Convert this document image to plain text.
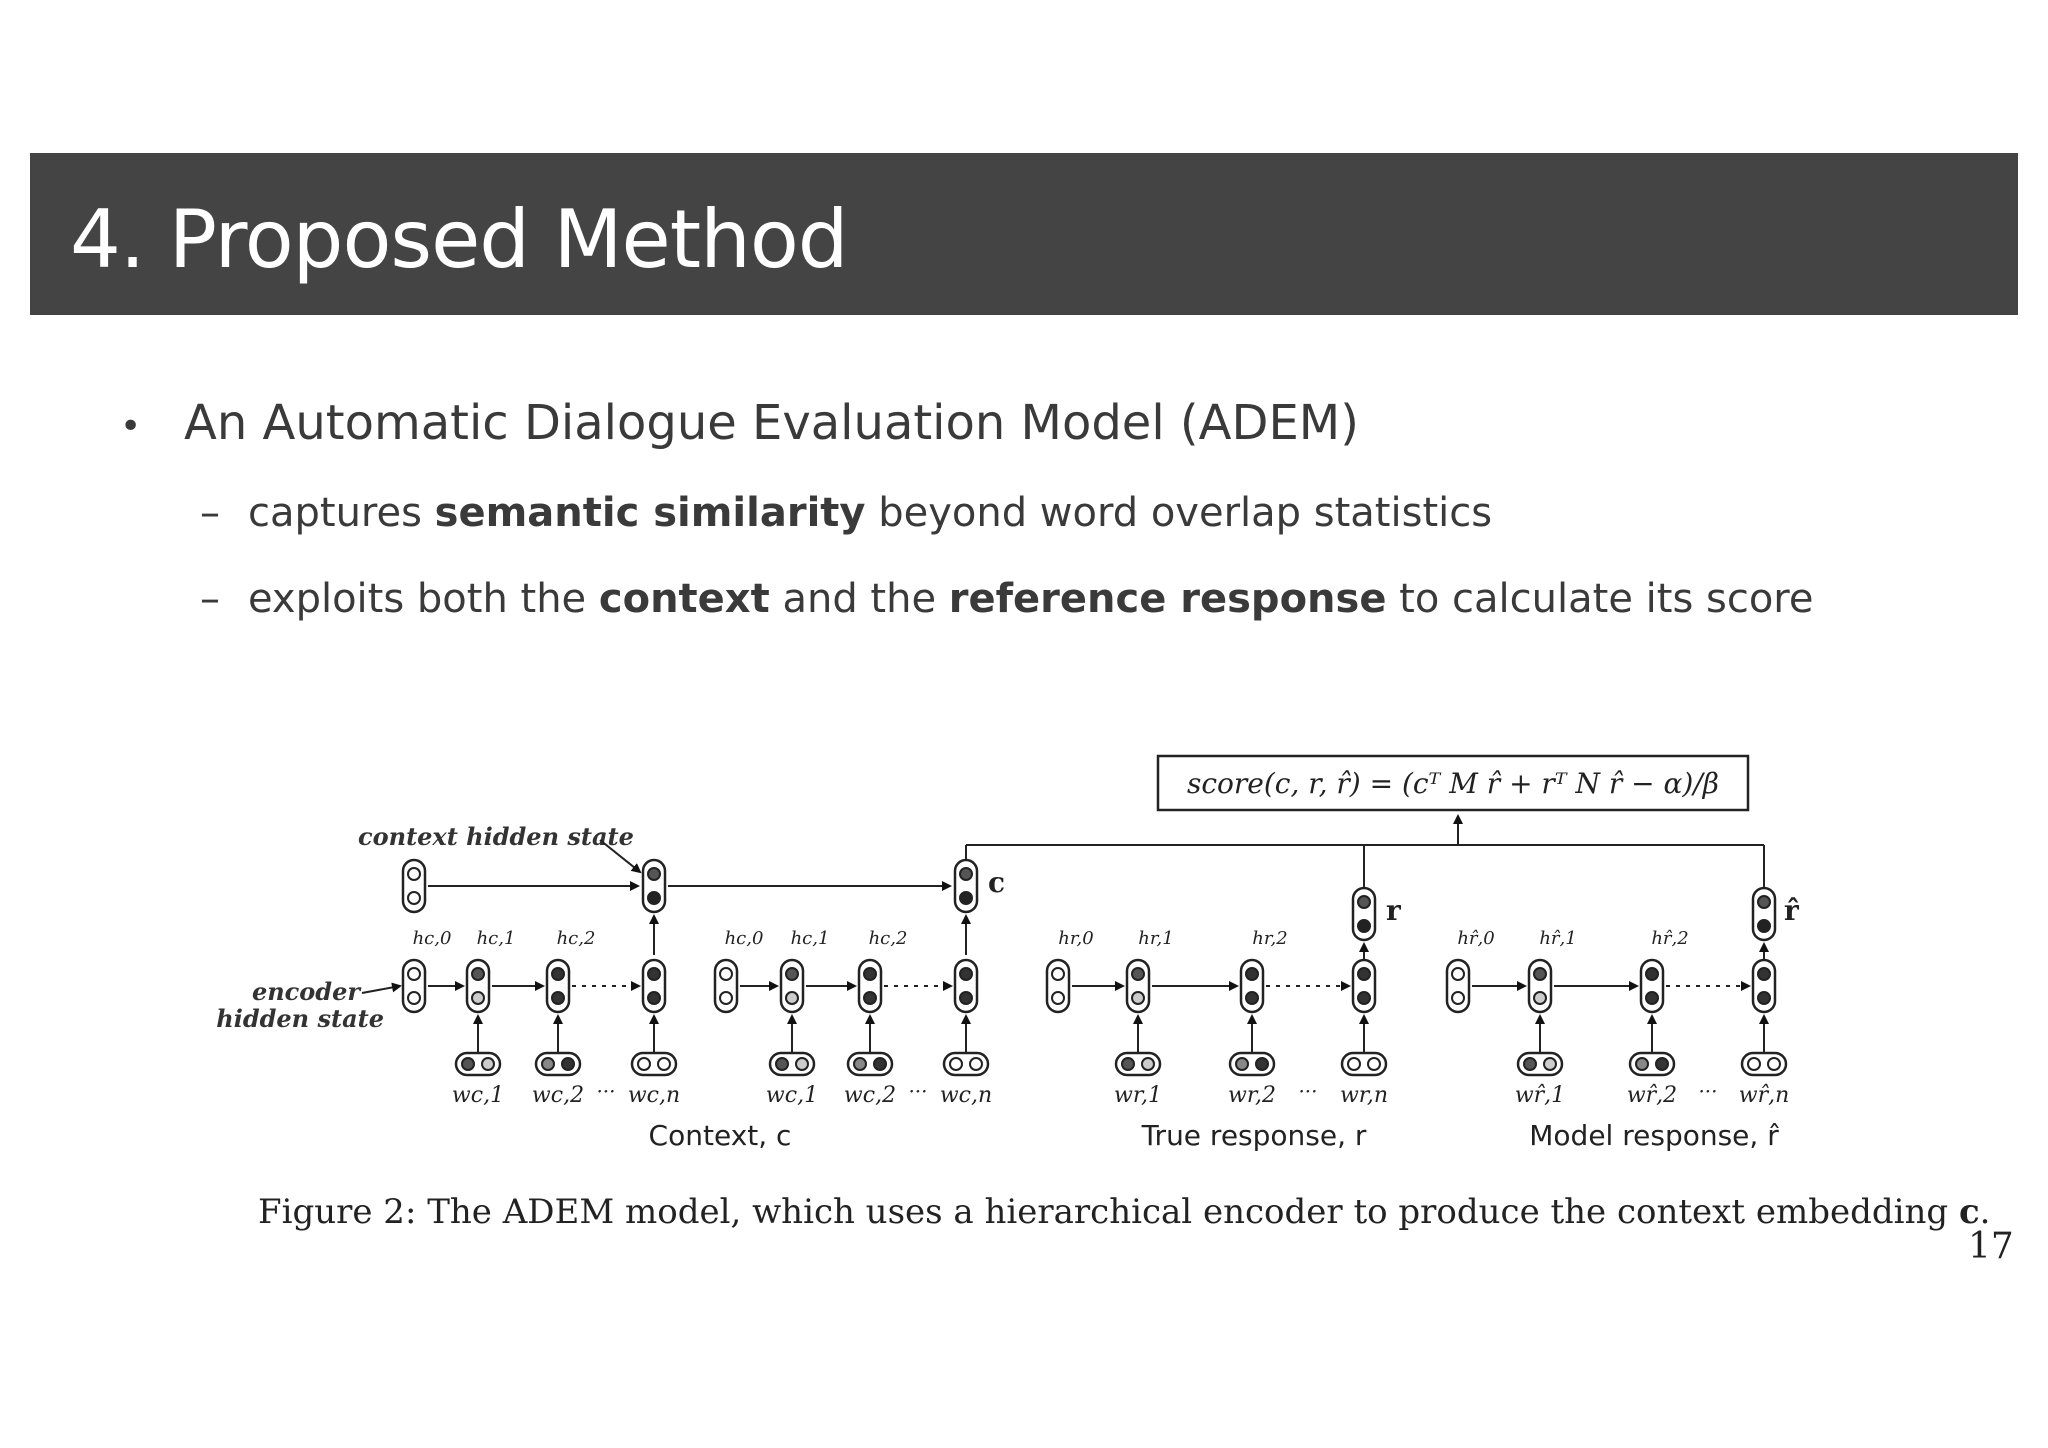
4. Proposed Method
• An Automatic Dialogue Evaluation Model (ADEM)
– captures semantic similarity beyond word overlap statistics
– exploits both the context and the reference response to calculate its score
score(c, r, r̂) = (cᵀ M r̂ + rᵀ N r̂ − α)/β
context hidden state
encoder
hidden state
c
r	r̂
hc,0 hc,1 hc,2
wc,1 wc,2 ··· wc,n
hc,0 hc,1 hc,2
wc,1 wc,2 ··· wc,n
hr,0 hr,1	hr,2
wr,1	wr,2 ··· wr,n
hr̂,0 hr̂,1	hr̂,2
wr̂,1	wr̂,2 ··· wr̂,n
Context, c	True response, r	Model response, r̂
Figure 2: The ADEM model, which uses a hierarchical encoder to produce the context embedding c.
17
